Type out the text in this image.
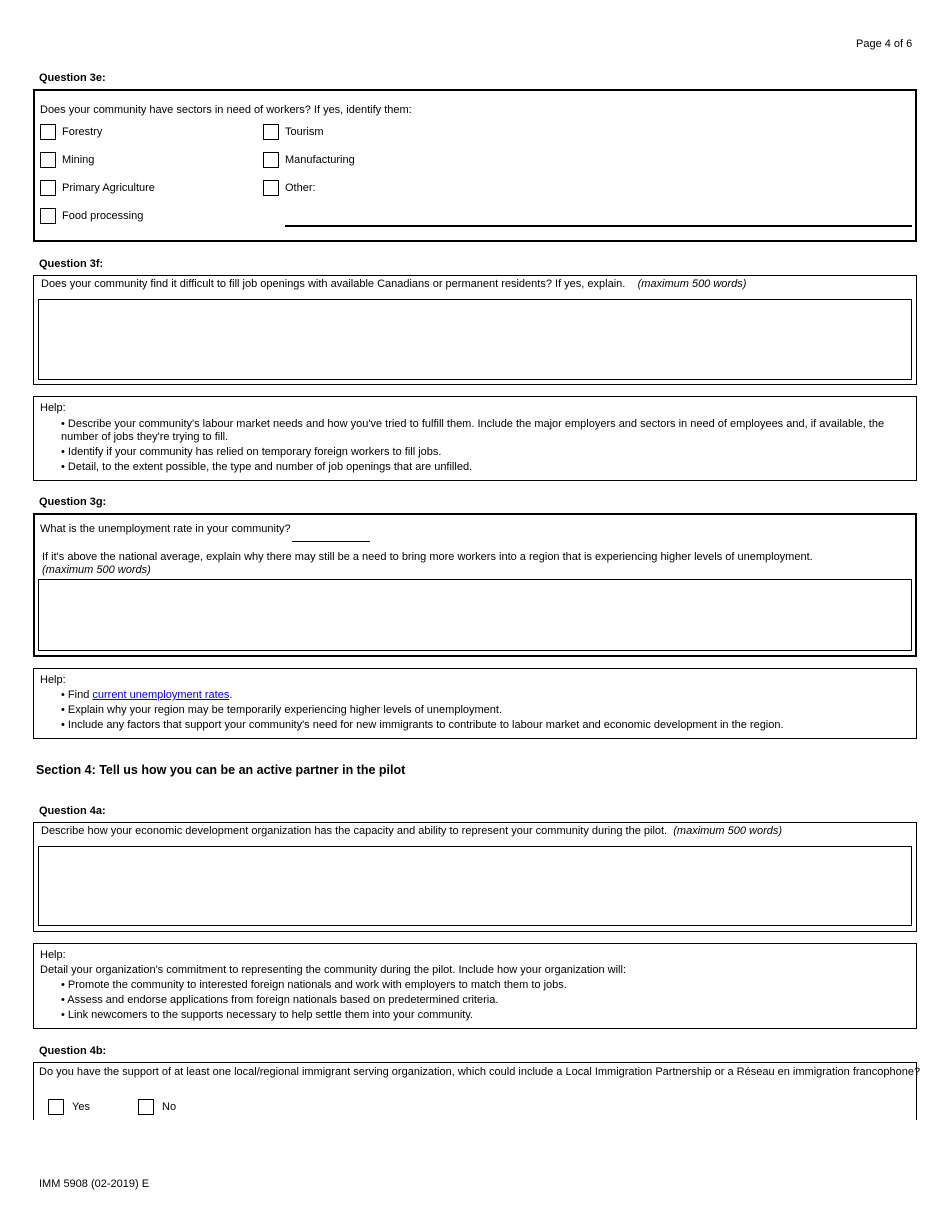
Page 4 of 6
Question 3e:
Does your community have sectors in need of workers? If yes, identify them:
Forestry
Mining
Primary Agriculture
Food processing
Tourism
Manufacturing
Other:
Question 3f:
Does your community find it difficult to fill job openings with available Canadians or permanent residents? If yes, explain. (maximum 500 words)
Help:
• Describe your community's labour market needs and how you've tried to fulfill them. Include the major employers and sectors in need of employees and, if available, the number of jobs they're trying to fill.
• Identify if your community has relied on temporary foreign workers to fill jobs.
• Detail, to the extent possible, the type and number of job openings that are unfilled.
Question 3g:
What is the unemployment rate in your community?
If it's above the national average, explain why there may still be a need to bring more workers into a region that is experiencing higher levels of unemployment.
(maximum 500 words)
Help:
• Find current unemployment rates.
• Explain why your region may be temporarily experiencing higher levels of unemployment.
• Include any factors that support your community's need for new immigrants to contribute to labour market and economic development in the region.
Section 4: Tell us how you can be an active partner in the pilot
Question 4a:
Describe how your economic development organization has the capacity and ability to represent your community during the pilot. (maximum 500 words)
Help:
Detail your organization's commitment to representing the community during the pilot. Include how your organization will:
• Promote the community to interested foreign nationals and work with employers to match them to jobs.
• Assess and endorse applications from foreign nationals based on predetermined criteria.
• Link newcomers to the supports necessary to help settle them into your community.
Question 4b:
Do you have the support of at least one local/regional immigrant serving organization, which could include a Local Immigration Partnership or a Réseau en immigration francophone?
Yes	No
IMM 5908 (02-2019) E
